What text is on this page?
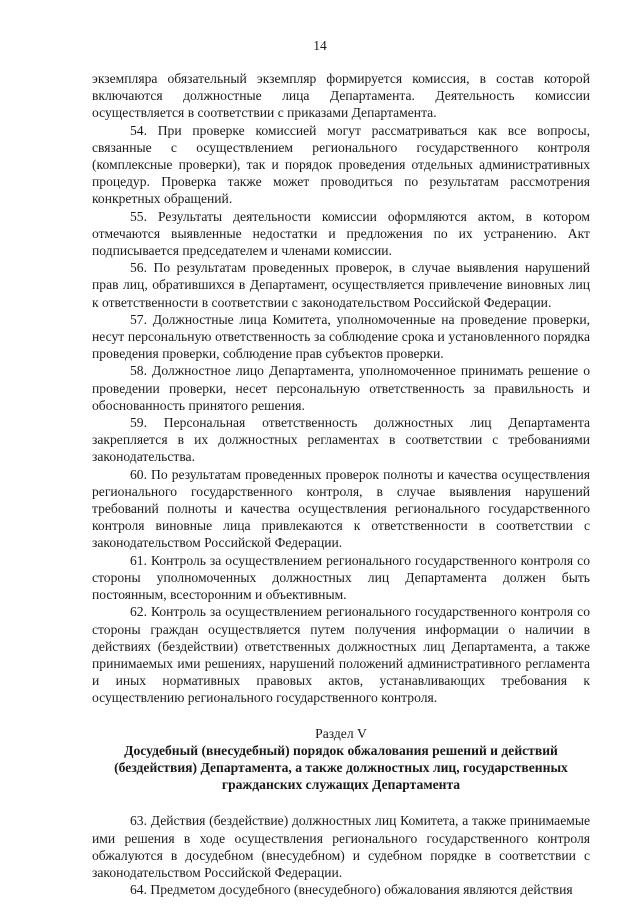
14

экземпляра обязательный экземпляр формируется комиссия, в состав которой включаются должностные лица Департамента. Деятельность комиссии осуществляется в соответствии с приказами Департамента.

54. При проверке комиссией могут рассматриваться как все вопросы, связанные с осуществлением регионального государственного контроля (комплексные проверки), так и порядок проведения отдельных административных процедур. Проверка также может проводиться по результатам рассмотрения конкретных обращений.

55. Результаты деятельности комиссии оформляются актом, в котором отмечаются выявленные недостатки и предложения по их устранению. Акт подписывается председателем и членами комиссии.

56. По результатам проведенных проверок, в случае выявления нарушений прав лиц, обратившихся в Департамент, осуществляется привлечение виновных лиц к ответственности в соответствии с законодательством Российской Федерации.

57. Должностные лица Комитета, уполномоченные на проведение проверки, несут персональную ответственность за соблюдение срока и установленного порядка проведения проверки, соблюдение прав субъектов проверки.

58. Должностное лицо Департамента, уполномоченное принимать решение о проведении проверки, несет персональную ответственность за правильность и обоснованность принятого решения.

59. Персональная ответственность должностных лиц Департамента закрепляется в их должностных регламентах в соответствии с требованиями законодательства.

60. По результатам проведенных проверок полноты и качества осуществления регионального государственного контроля, в случае выявления нарушений требований полноты и качества осуществления регионального государственного контроля виновные лица привлекаются к ответственности в соответствии с законодательством Российской Федерации.

61. Контроль за осуществлением регионального государственного контроля со стороны уполномоченных должностных лиц Департамента должен быть постоянным, всесторонним и объективным.

62. Контроль за осуществлением регионального государственного контроля со стороны граждан осуществляется путем получения информации о наличии в действиях (бездействии) ответственных должностных лиц Департамента, а также принимаемых ими решениях, нарушений положений административного регламента и иных нормативных правовых актов, устанавливающих требования к осуществлению регионального государственного контроля.

Раздел V

Досудебный (внесудебный) порядок обжалования решений и действий (бездействия) Департамента, а также должностных лиц, государственных гражданских служащих Департамента

63. Действия (бездействие) должностных лиц Комитета, а также принимаемые ими решения в ходе осуществления регионального государственного контроля обжалуются в досудебном (внесудебном) и судебном порядке в соответствии с законодательством Российской Федерации.

64. Предметом досудебного (внесудебного) обжалования являются действия
